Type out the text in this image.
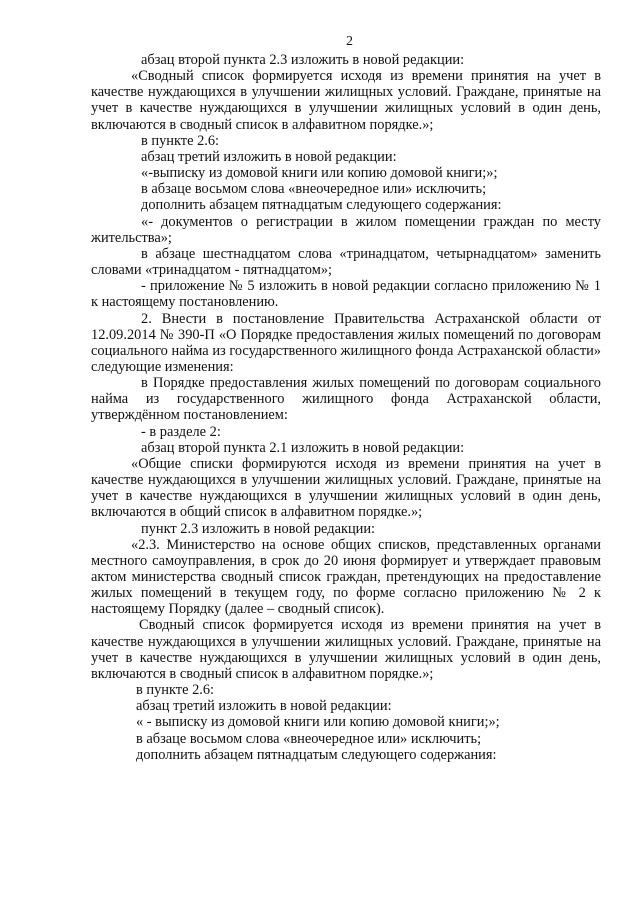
2

абзац второй пункта 2.3 изложить в новой редакции:

«Сводный список формируется исходя из времени принятия на учет в качестве нуждающихся в улучшении жилищных условий. Граждане, принятые на учет в качестве нуждающихся в улучшении жилищных условий в один день, включаются в сводный список в алфавитном порядке.»;

в пункте 2.6:

абзац третий изложить в новой редакции:

«-выписку из домовой книги или копию домовой книги;»;

в абзаце восьмом слова «внеочередное или» исключить;

дополнить абзацем пятнадцатым следующего содержания:

«- документов о регистрации в жилом помещении граждан по месту жительства»;

в абзаце шестнадцатом слова «тринадцатом, четырнадцатом» заменить словами «тринадцатом - пятнадцатом»;

- приложение № 5 изложить в новой редакции согласно приложению № 1 к настоящему постановлению.

2. Внести в постановление Правительства Астраханской области от 12.09.2014 № 390-П «О Порядке предоставления жилых помещений по договорам социального найма из государственного жилищного фонда Астраханской области» следующие изменения:

в Порядке предоставления жилых помещений по договорам социального найма из государственного жилищного фонда Астраханской области, утверждённом постановлением:

- в разделе 2:

абзац второй пункта 2.1 изложить в новой редакции:

«Общие списки формируются исходя из времени принятия на учет в качестве нуждающихся в улучшении жилищных условий. Граждане, принятые на учет в качестве нуждающихся в улучшении жилищных условий в один день, включаются в общий список в алфавитном порядке.»;

пункт 2.3 изложить в новой редакции:

«2.3. Министерство на основе общих списков, представленных органами местного самоуправления, в срок до 20 июня формирует и утверждает правовым актом министерства сводный список граждан, претендующих на предоставление жилых помещений в текущем году, по форме согласно приложению № 2 к настоящему Порядку (далее – сводный список).

Сводный список формируется исходя из времени принятия на учет в качестве нуждающихся в улучшении жилищных условий. Граждане, принятые на учет в качестве нуждающихся в улучшении жилищных условий в один день, включаются в сводный список в алфавитном порядке.»;

в пункте 2.6:

абзац третий изложить в новой редакции:

« - выписку из домовой книги или копию домовой книги;»;

в абзаце восьмом слова «внеочередное или» исключить;

дополнить абзацем пятнадцатым следующего содержания:
